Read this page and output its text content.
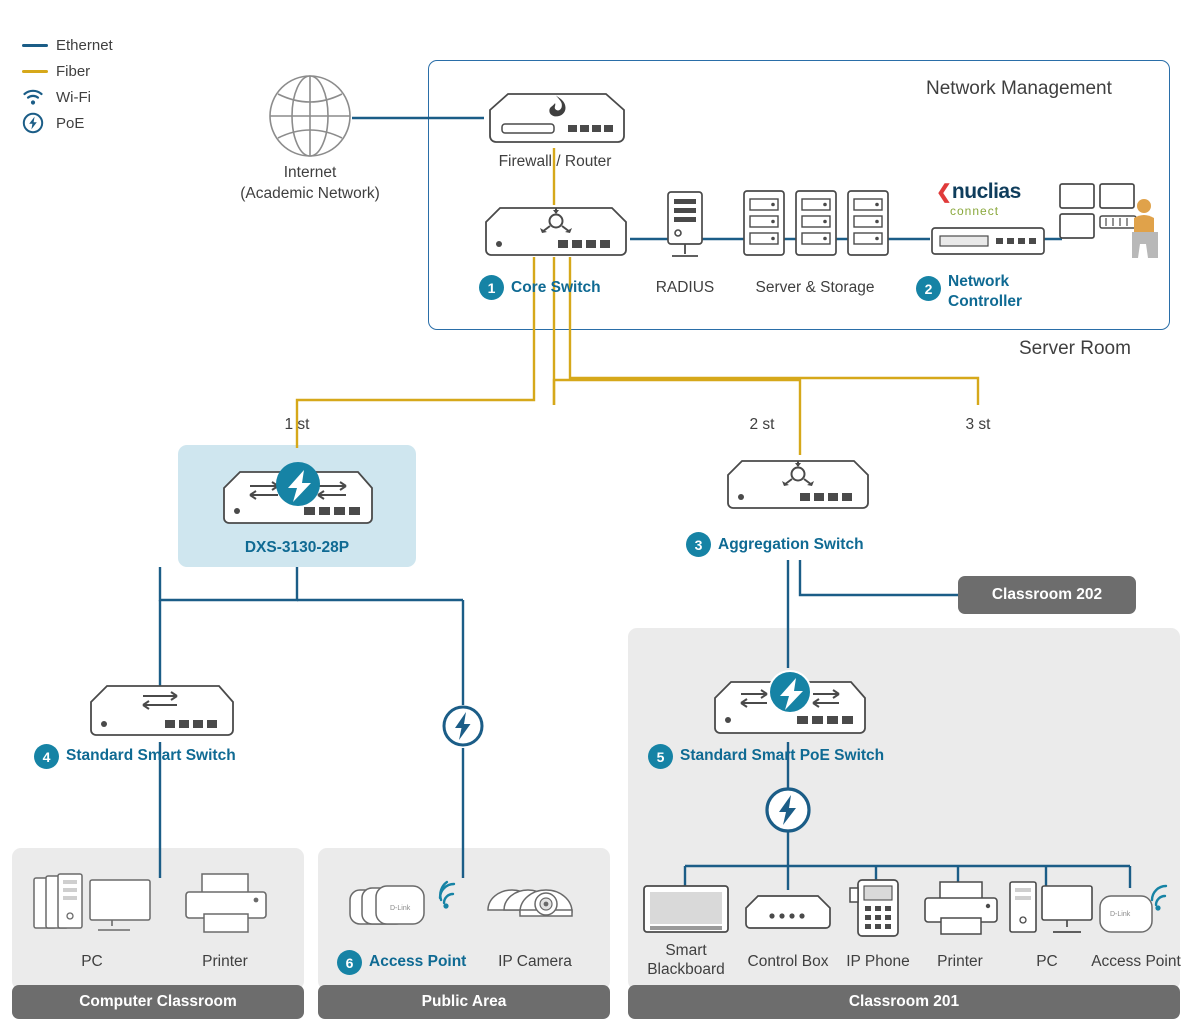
Ethernet
Fiber
Wi-Fi
PoE
Internet
(Academic Network)
Firewall / Router
1	Core Switch	RADIUS	Server & Storage
❮nuclias
connect
2	Network
Controller
Network Management
Server Room
1 st	2 st	3 st
DXS-3130-28P	3	Aggregation Switch
Classroom 202
4	Standard Smart Switch	5	Standard Smart PoE Switch
PC	Printer
Computer Classroom
D-Link
6	Access Point	IP Camera
Public Area
Smart
Blackboard	Control Box	IP Phone	Printer	PC
D-Link
Access Point
Classroom 201
